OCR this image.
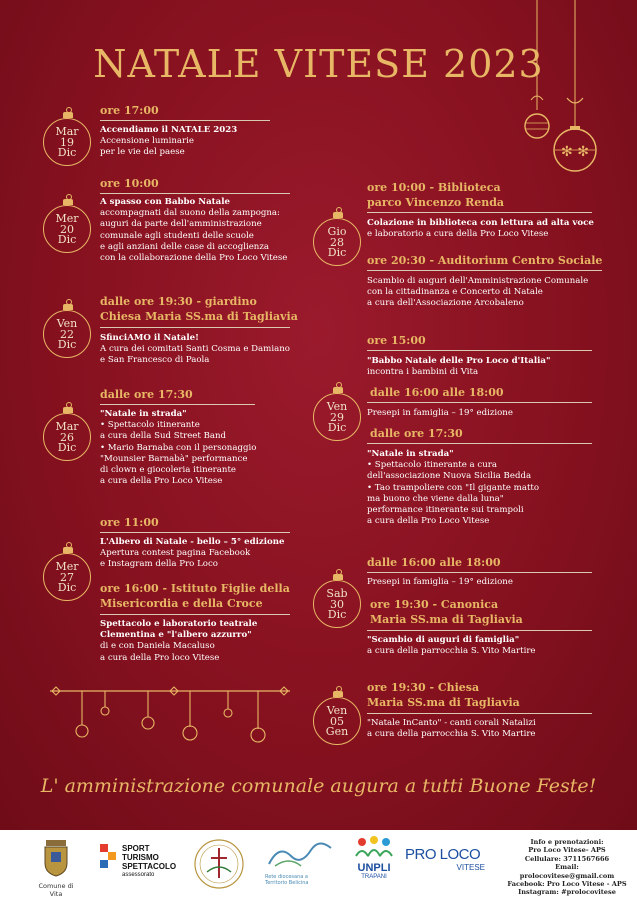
NATALE VITESE 2023
✻ ✻
Mar
19
Dic
ore 17:00
Accendiamo il NATALE 2023
Accensione luminarie
per le vie del paese
Mer
20
Dic
ore 10:00
A spasso con Babbo Natale
accompagnati dal suono della zampogna:
auguri da parte dell'amministrazione
comunale agli studenti delle scuole
e agli anziani delle case di accoglienza
con la collaborazione della Pro Loco Vitese
Ven
22
Dic
dalle ore 19:30 - giardino
Chiesa Maria SS.ma di Tagliavia
SfinciAMO il Natale!
A cura dei comitati Santi Cosma e Damiano
e San Francesco di Paola
Mar
26
Dic
dalle ore 17:30
"Natale in strada"
• Spettacolo itinerante
a cura della Sud Street Band
• Mario Barnaba con il personaggio
"Mounsier Barnabà" performance
di clown e giocoleria itinerante
a cura della Pro Loco Vitese
Mer
27
Dic
ore 11:00
L'Albero di Natale - bello – 5° edizione
Apertura contest pagina Facebook
e Instagram della Pro Loco
ore 16:00 - Istituto Figlie della
Misericordia e della Croce
Spettacolo e laboratorio teatrale
Clementina e "l'albero azzurro"
di e con Daniela Macaluso
a cura della Pro loco Vitese
Gio
28
Dic
ore 10:00 - Biblioteca
parco Vincenzo Renda
Colazione in biblioteca con lettura ad alta voce
e laboratorio a cura della Pro Loco Vitese
ore 20:30 - Auditorium Centro Sociale
Scambio di auguri dell'Amministrazione Comunale
con la cittadinanza e Concerto di Natale
a cura dell'Associazione Arcobaleno
Ven
29
Dic
ore 15:00
"Babbo Natale delle Pro Loco d'Italia"
incontra i bambini di Vita
dalle 16:00 alle 18:00
Presepi in famiglia – 19° edizione
dalle ore 17:30
"Natale in strada"
• Spettacolo itinerante a cura
dell'associazione Nuova Sicilia Bedda
• Tao trampoliere con "Il gigante matto
ma buono che viene dalla luna"
performance itinerante sui trampoli
a cura della Pro Loco Vitese
Sab
30
Dic
dalle 16:00 alle 18:00
Presepi in famiglia – 19° edizione
ore 19:30 - Canonica
Maria SS.ma di Tagliavia
"Scambio di auguri di famiglia"
a cura della parrocchia S. Vito Martire
Ven
05
Gen
ore 19:30 - Chiesa
Maria SS.ma di Tagliavia
"Natale InCanto" - canti corali Natalizi
a cura della parrocchia S. Vito Martire
L' amministrazione comunale augura a tutti Buone Feste!
Comune di Vita
SPORT
TURISMO
SPETTACOLO
assessorato	Rete diocesana a
Territorio Belicina
UNPLI
TRAPANI
PRO LOCO
VITESE
Info e prenotazioni:
Pro Loco Vitese- APS
Cellulare: 3711567666
Email: prolocovitese@gmail.com
Facebook: Pro Loco Vitese - APS
Instagram: #prolocovitese
